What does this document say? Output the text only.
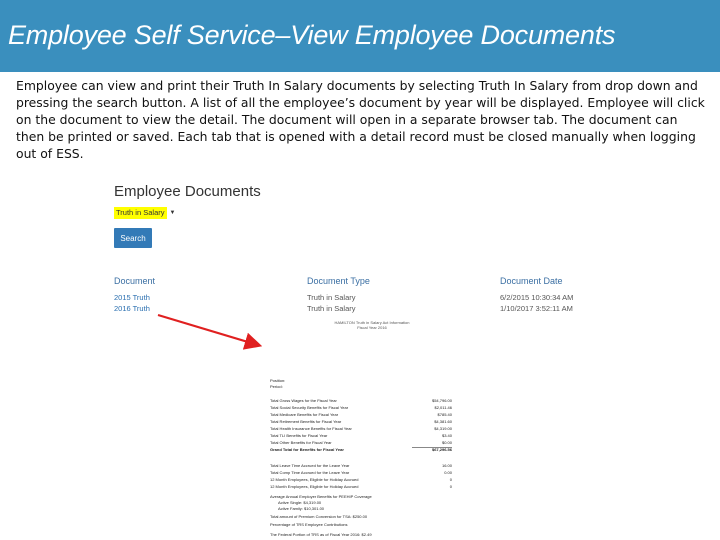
Employee Self Service–View Employee Documents
Employee can view and print their Truth In Salary documents by selecting Truth In Salary from drop down and pressing the search button. A list of all the employee’s document by year will be displayed. Employee will click on the document to view the detail. The document will open in a separate browser tab. The document can then be printed or saved. Each tab that is opened with a detail record must be closed manually when logging out of ESS.
Employee Documents
Truth in Salary ▼
Search
Document	Document Type	Document Date
2015 Truth	Truth in Salary	6/2/2015 10:30:34 AM
2016 Truth	Truth in Salary	1/10/2017 3:52:11 AM
HAMILTON Truth in Salary Act Information
Fiscal Year 2016
Position:
Period:
Total Gross Wages for the Fiscal Year	$54,796.00
Total Social Security Benefits for Fiscal Year	$2,011.46
Total Medicare Benefits for Fiscal Year	$785.40
Total Retirement Benefits for Fiscal Year	$4,381.60
Total Health Insurance Benefits for Fiscal Year	$4,319.00
Total TLI Benefits for Fiscal Year	$3.40
Total Other Benefits for Fiscal Year	$0.00
Grand Total for Benefits for Fiscal Year	$67,296.56
Total Leave Time Accrued for the Leave Year	16.00
Total Comp Time Accrued for the Leave Year	0.00
12 Month Employees, Eligible for Holiday Accrued	0
12 Month Employees, Eligible for Holiday Accrued	0
Average Annual Employer Benefits for PEEHIP Coverage
Active Single: $4,319.00
Active Family: $10,301.00
Total amount of Premium Conversion for TSA: $250.00
Percentage of TRS Employee Contributions
The Federal Portion of TRS as of Fiscal Year 2016: $2.49
